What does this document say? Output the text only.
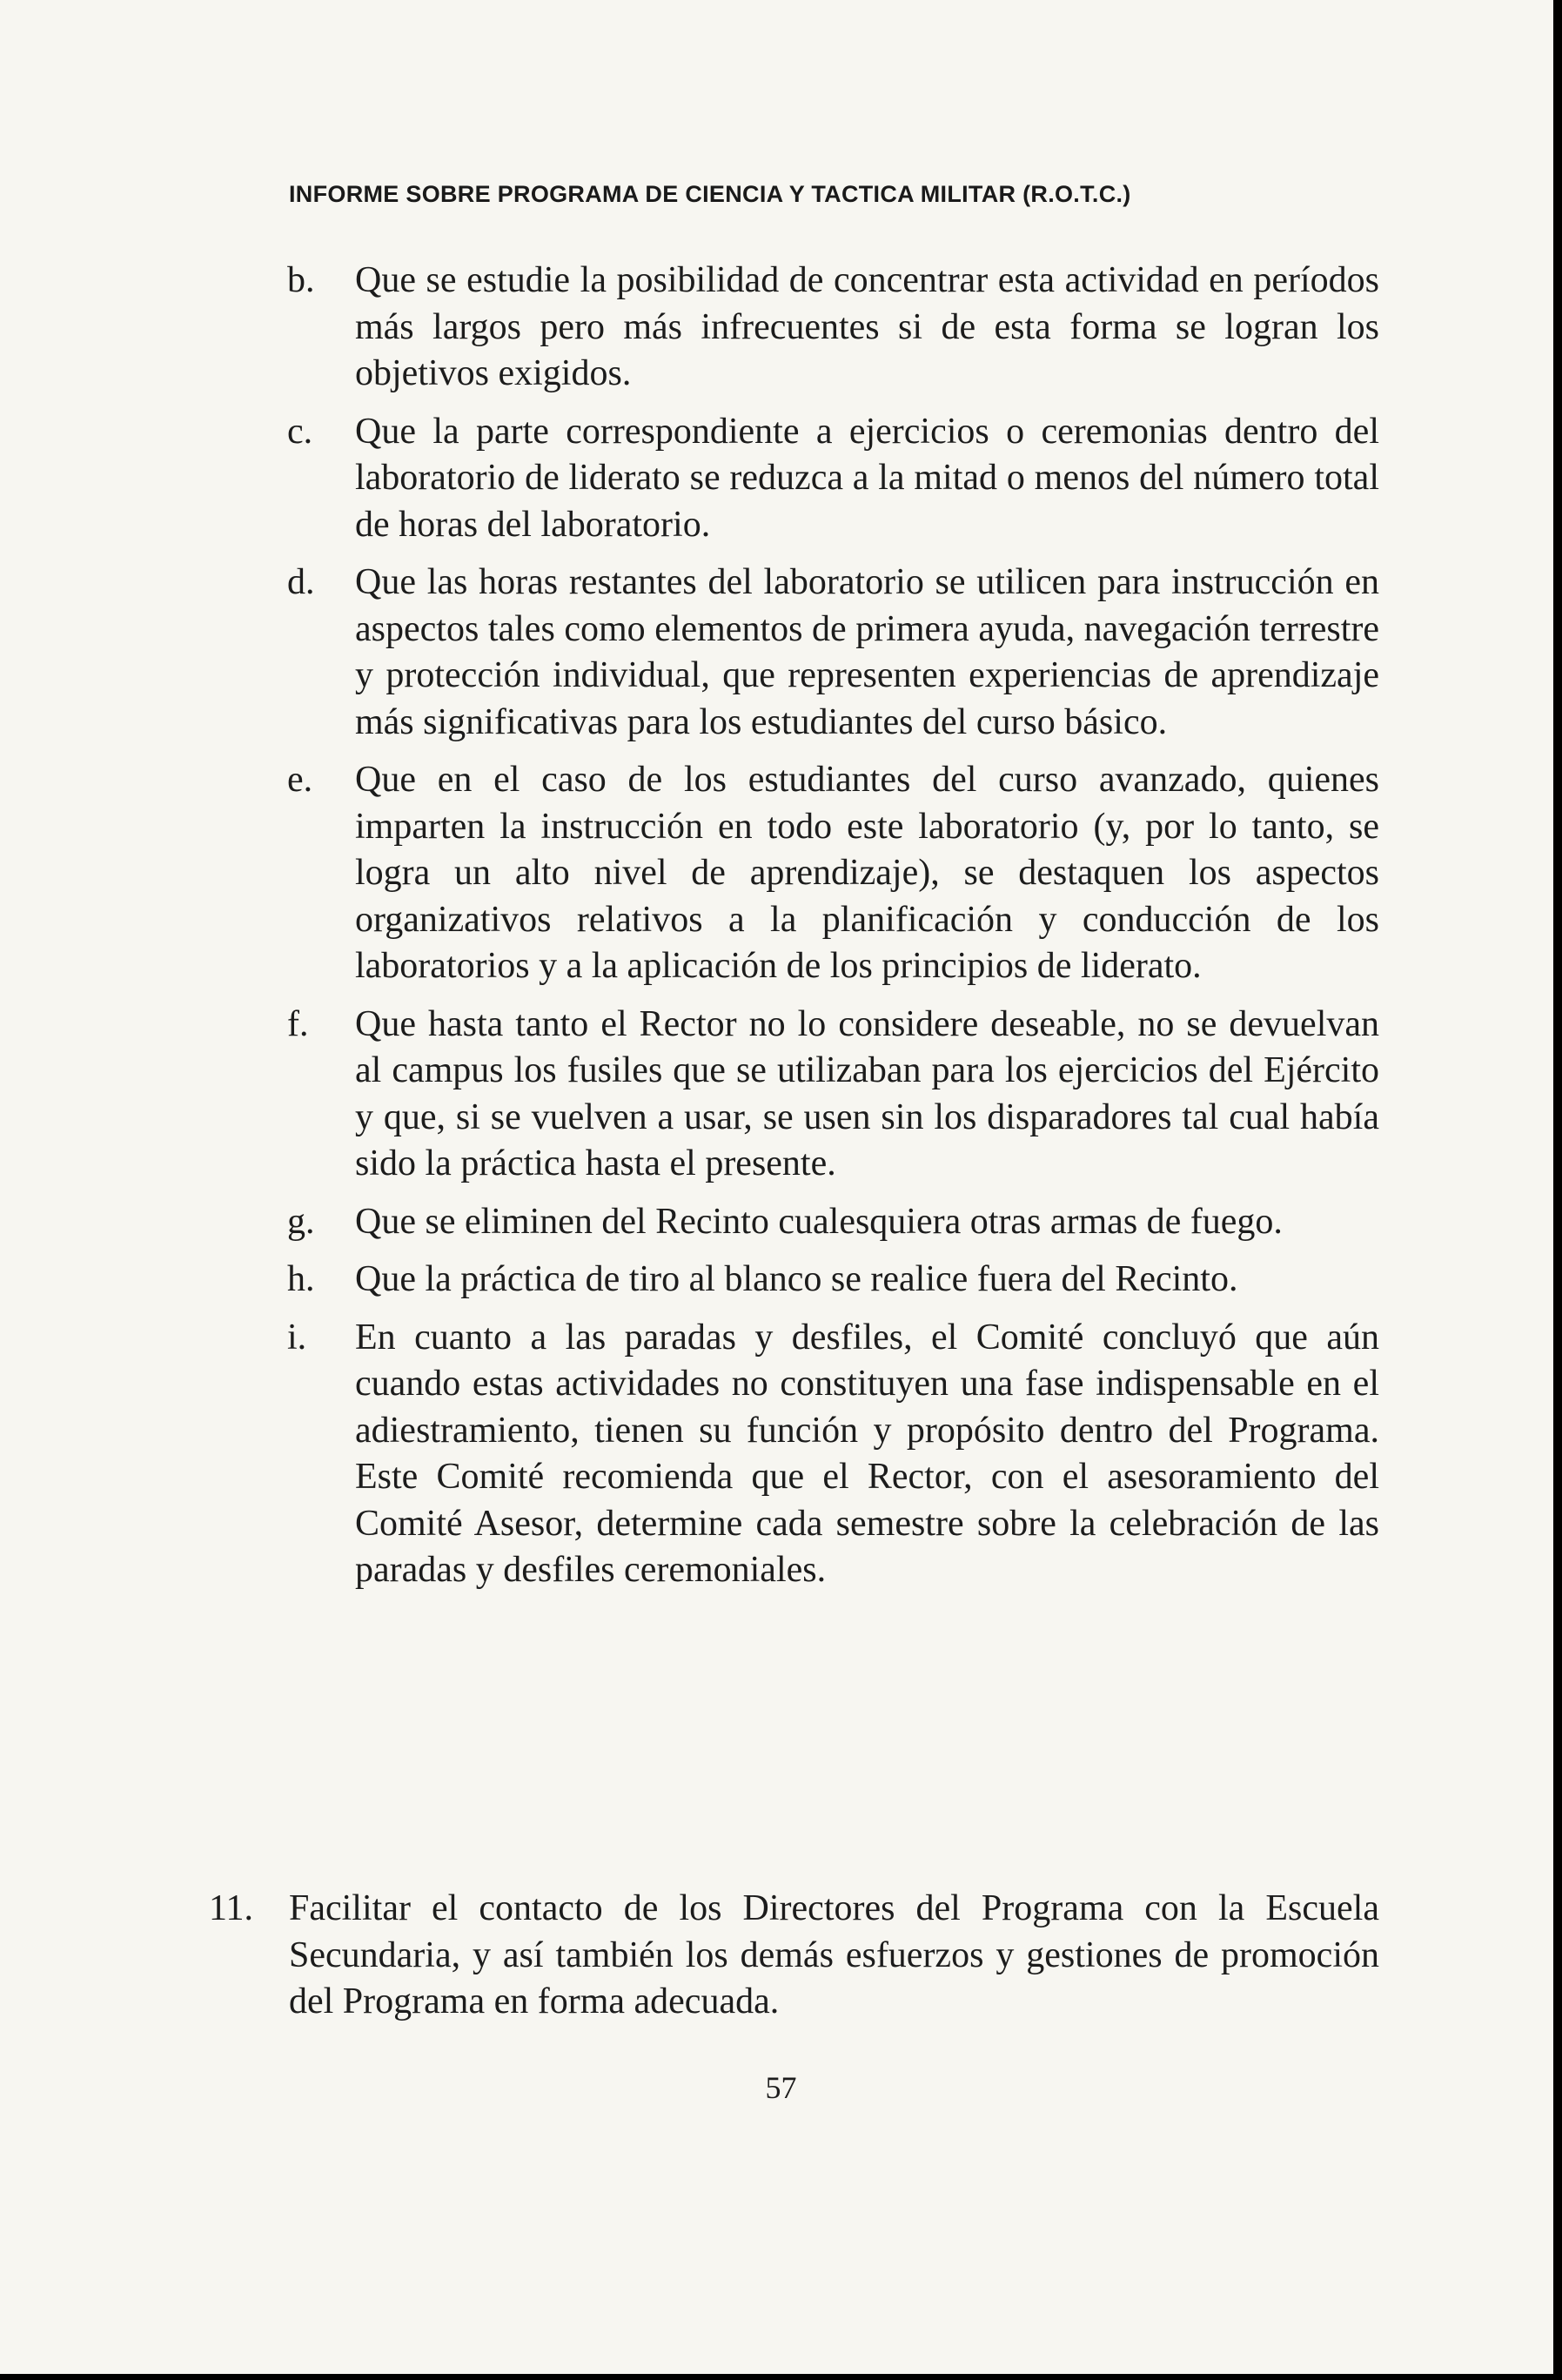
INFORME SOBRE PROGRAMA DE CIENCIA Y TACTICA MILITAR (R.O.T.C.)
b. Que se estudie la posibilidad de concentrar esta actividad en períodos más largos pero más infrecuentes si de esta forma se logran los objetivos exigidos.
c. Que la parte correspondiente a ejercicios o ceremonias dentro del laboratorio de liderato se reduzca a la mitad o menos del número total de horas del laboratorio.
d. Que las horas restantes del laboratorio se utilicen para instrucción en aspectos tales como elementos de primera ayuda, navegación terrestre y protección individual, que representen experiencias de aprendizaje más significativas para los estudiantes del curso básico.
e. Que en el caso de los estudiantes del curso avanzado, quienes imparten la instrucción en todo este laboratorio (y, por lo tanto, se logra un alto nivel de aprendizaje), se destaquen los aspectos organizativos relativos a la planificación y conducción de los laboratorios y a la aplicación de los principios de liderato.
f. Que hasta tanto el Rector no lo considere deseable, no se devuelvan al campus los fusiles que se utilizaban para los ejercicios del Ejército y que, si se vuelven a usar, se usen sin los disparadores tal cual había sido la práctica hasta el presente.
g. Que se eliminen del Recinto cualesquiera otras armas de fuego.
h. Que la práctica de tiro al blanco se realice fuera del Recinto.
i. En cuanto a las paradas y desfiles, el Comité concluyó que aún cuando estas actividades no constituyen una fase indispensable en el adiestramiento, tienen su función y propósito dentro del Programa. Este Comité recomienda que el Rector, con el asesoramiento del Comité Asesor, determine cada semestre sobre la celebración de las paradas y desfiles ceremoniales.
11. Facilitar el contacto de los Directores del Programa con la Escuela Secundaria, y así también los demás esfuerzos y gestiones de promoción del Programa en forma adecuada.
57
